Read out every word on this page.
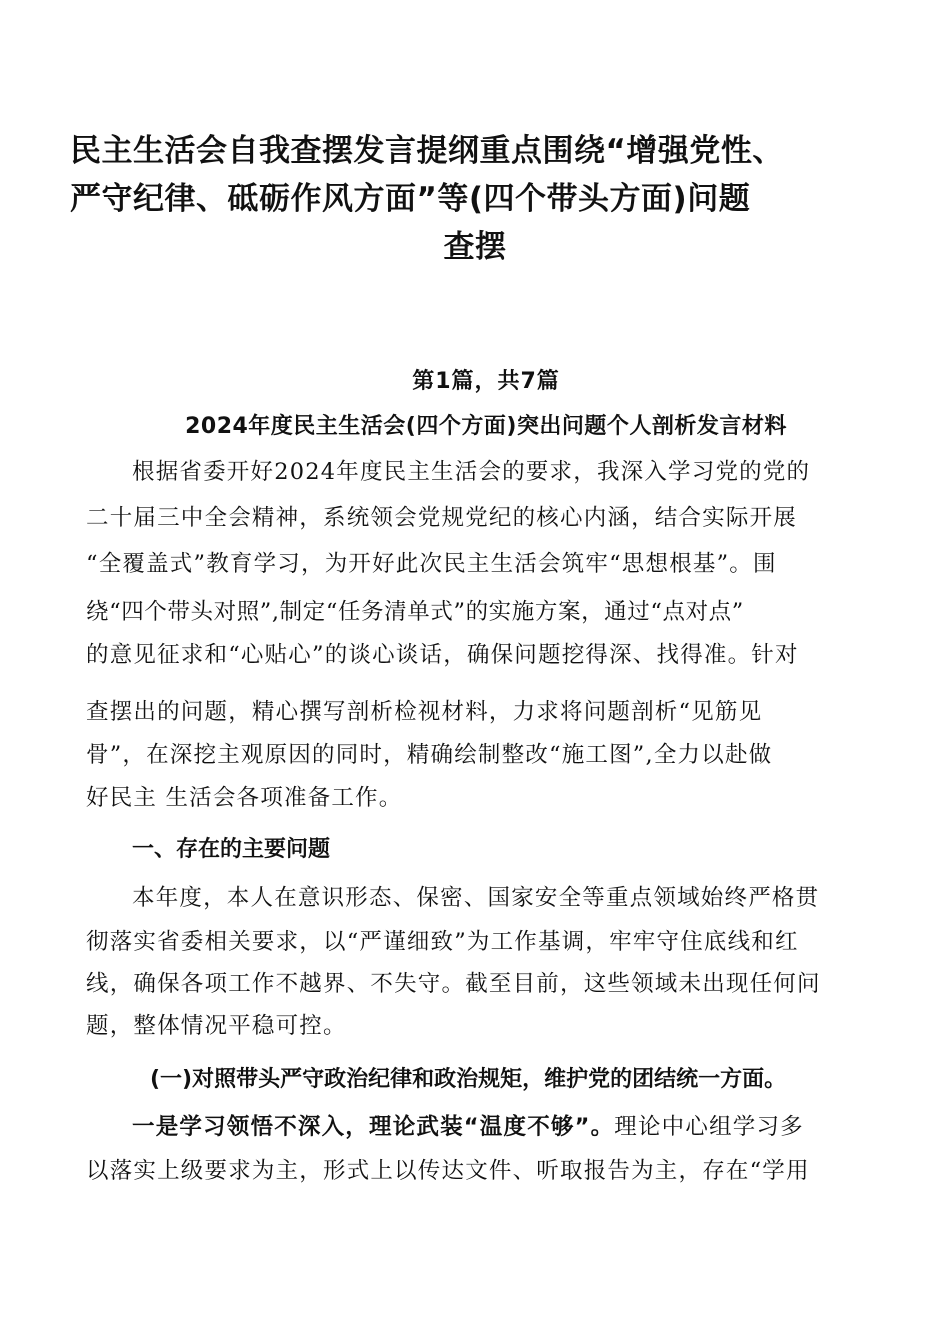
民主生活会自我查摆发言提纲重点围绕“增强党性、
严守纪律、砥砺作风方面”等(四个带头方面)问题
查摆
第1篇，共7篇
2024年度民主生活会(四个方面)突出问题个人剖析发言材料
根据省委开好2024年度民主生活会的要求，我深入学习党的党的
二十届三中全会精神，系统领会党规党纪的核心内涵，结合实际开展
“全覆盖式”教育学习，为开好此次民主生活会筑牢“思想根基”。围
绕“四个带头对照”,制定“任务清单式”的实施方案，通过“点对点”
的意见征求和“心贴心”的谈心谈话，确保问题挖得深、找得准。针对
查摆出的问题，精心撰写剖析检视材料，力求将问题剖析“见筋见
骨”，在深挖主观原因的同时，精确绘制整改“施工图”,全力以赴做
好民主 生活会各项准备工作。
一、存在的主要问题
本年度，本人在意识形态、保密、国家安全等重点领域始终严格贯
彻落实省委相关要求，以“严谨细致”为工作基调，牢牢守住底线和红
线，确保各项工作不越界、不失守。截至目前，这些领域未出现任何问
题，整体情况平稳可控。
(一)对照带头严守政治纪律和政治规矩，维护党的团结统一方面。
一是学习领悟不深入，理论武装“温度不够”。理论中心组学习多
以落实上级要求为主，形式上以传达文件、听取报告为主，存在“学用
